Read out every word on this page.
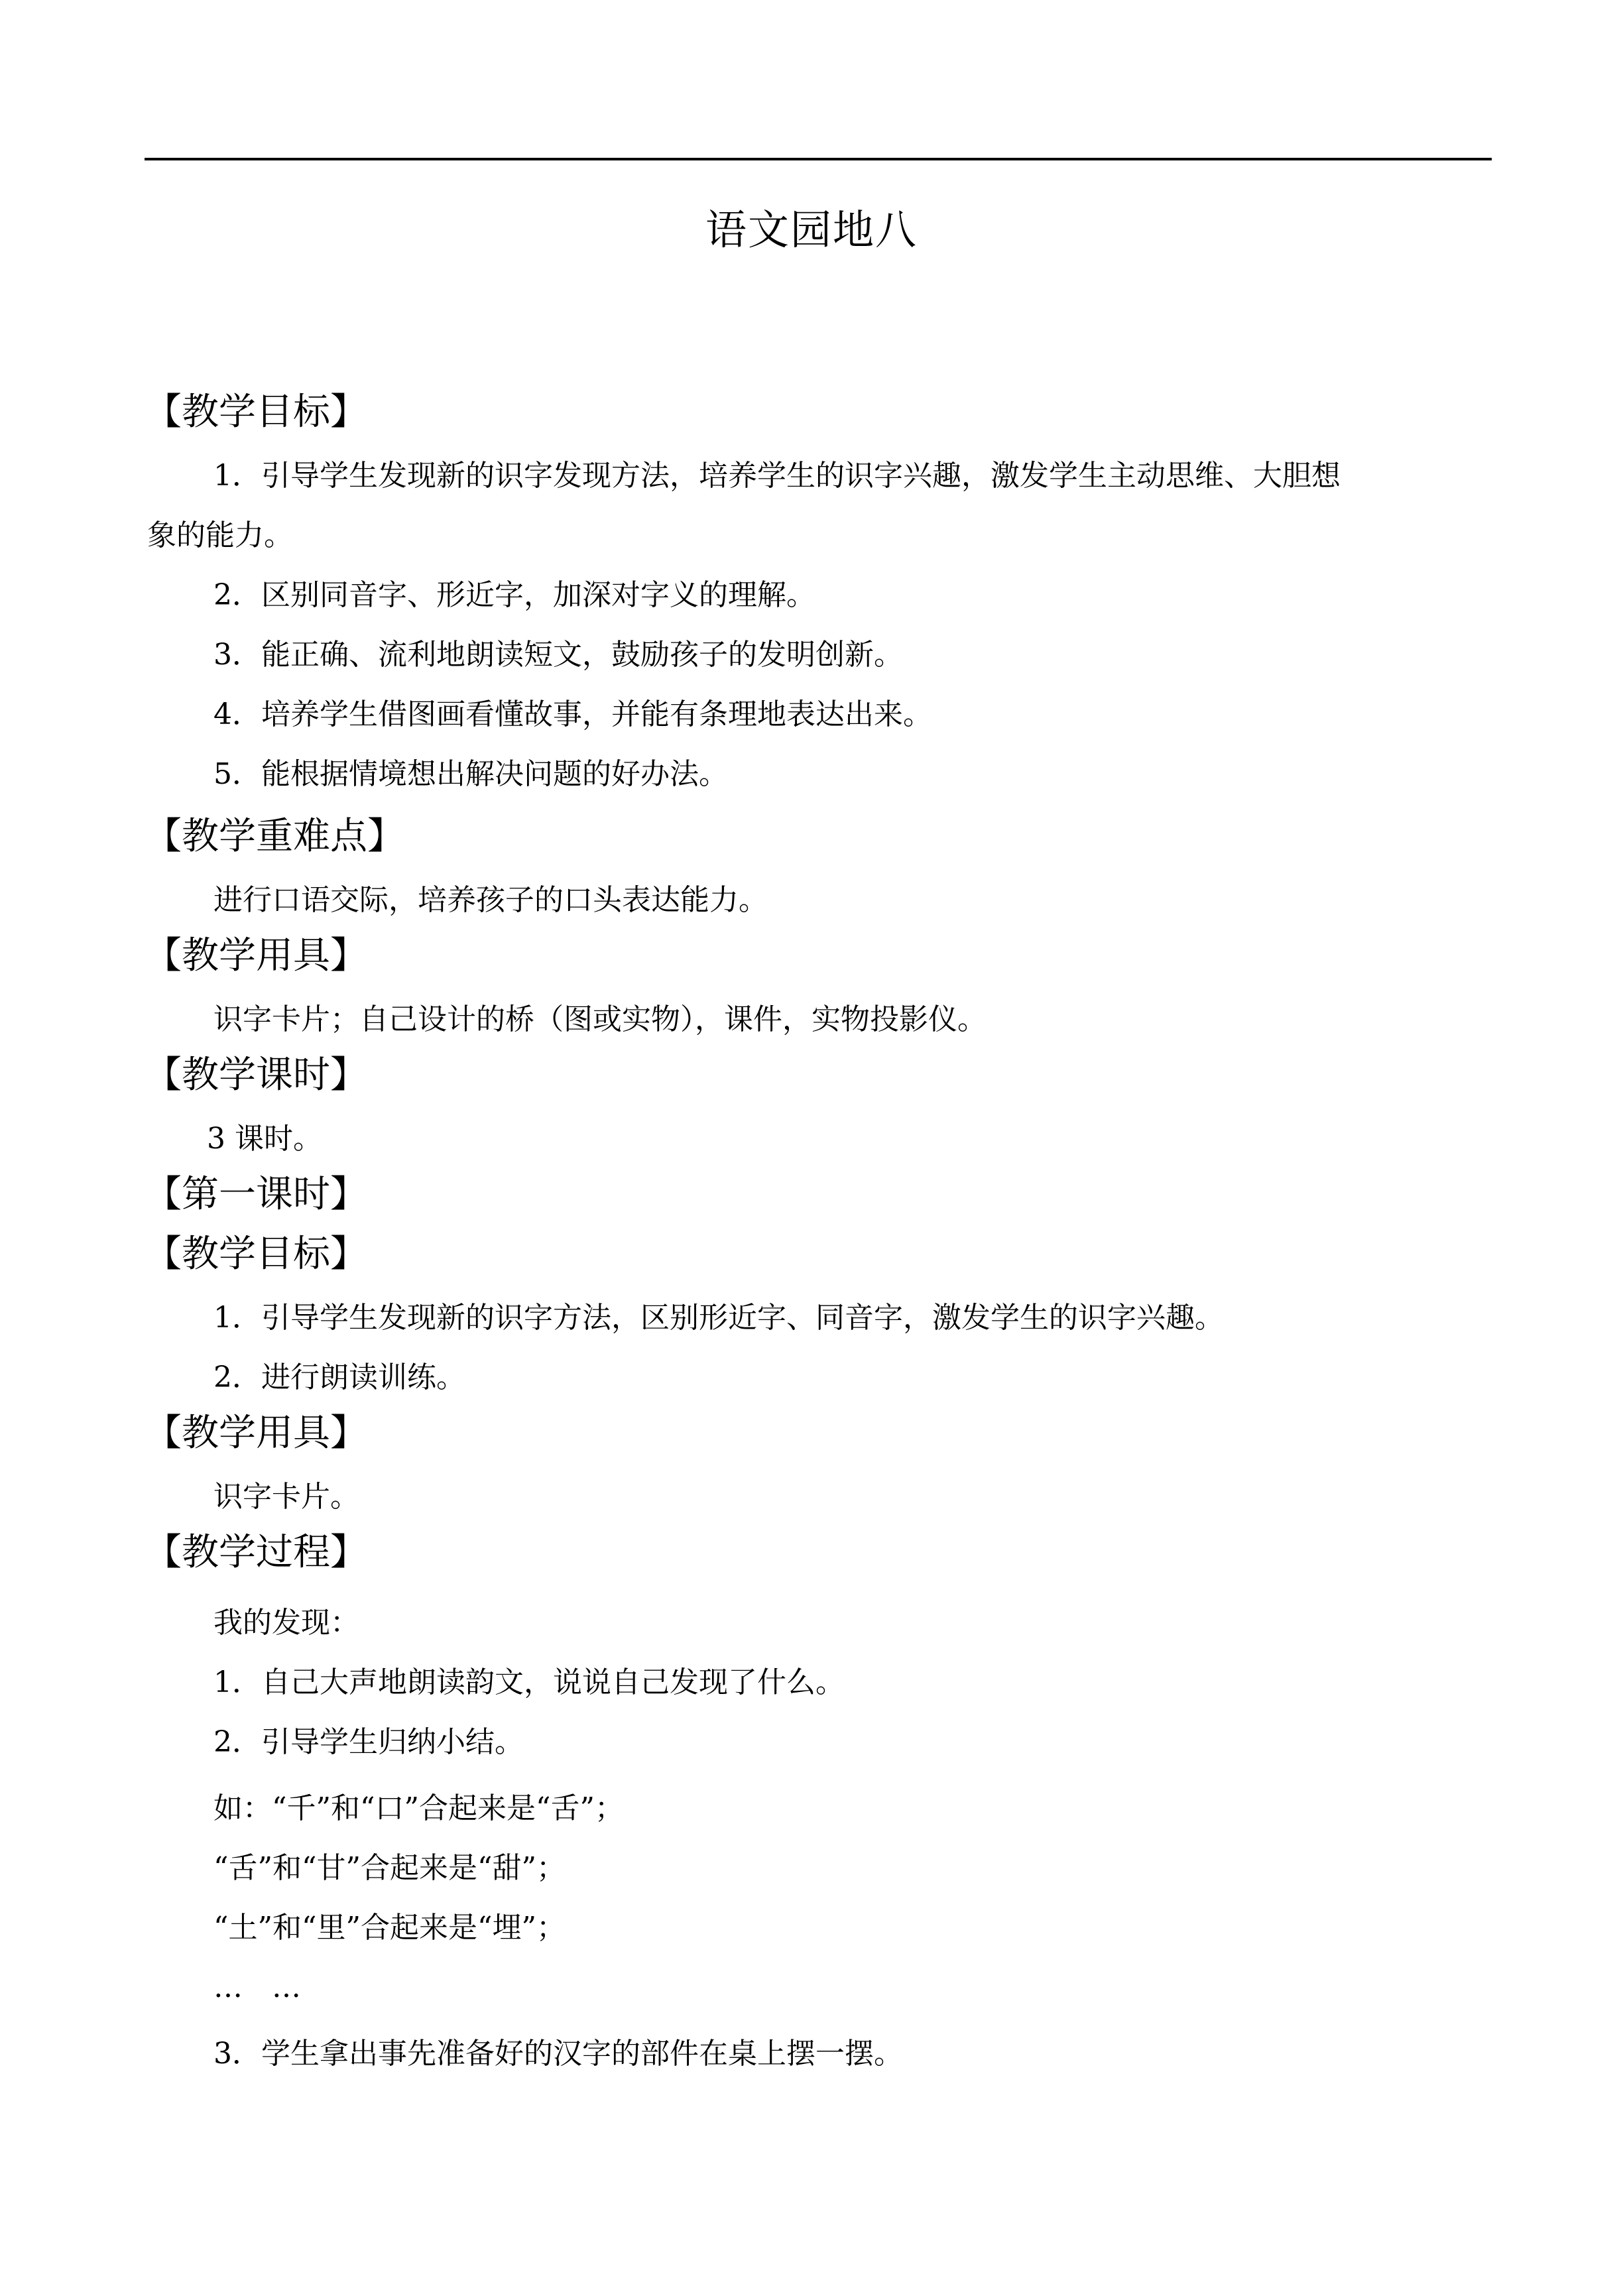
语文园地八
【教学目标】
1．引导学生发现新的识字发现方法，培养学生的识字兴趣，激发学生主动思维、大胆想
象的能力。
2．区别同音字、形近字，加深对字义的理解。
3．能正确、流利地朗读短文，鼓励孩子的发明创新。
4．培养学生借图画看懂故事，并能有条理地表达出来。
5．能根据情境想出解决问题的好办法。
【教学重难点】
进行口语交际，培养孩子的口头表达能力。
【教学用具】
识字卡片；自己设计的桥（图或实物），课件，实物投影仪。
【教学课时】
3 课时。
【第一课时】
【教学目标】
1．引导学生发现新的识字方法，区别形近字、同音字，激发学生的识字兴趣。
2．进行朗读训练。
【教学用具】
识字卡片。
【教学过程】
我的发现：
1．自己大声地朗读韵文，说说自己发现了什么。
2．引导学生归纳小结。
如：“千”和“口”合起来是“舌”；
“舌”和“甘”合起来是“甜”；
“土”和“里”合起来是“埋”；
…　…
3．学生拿出事先准备好的汉字的部件在桌上摆一摆。
